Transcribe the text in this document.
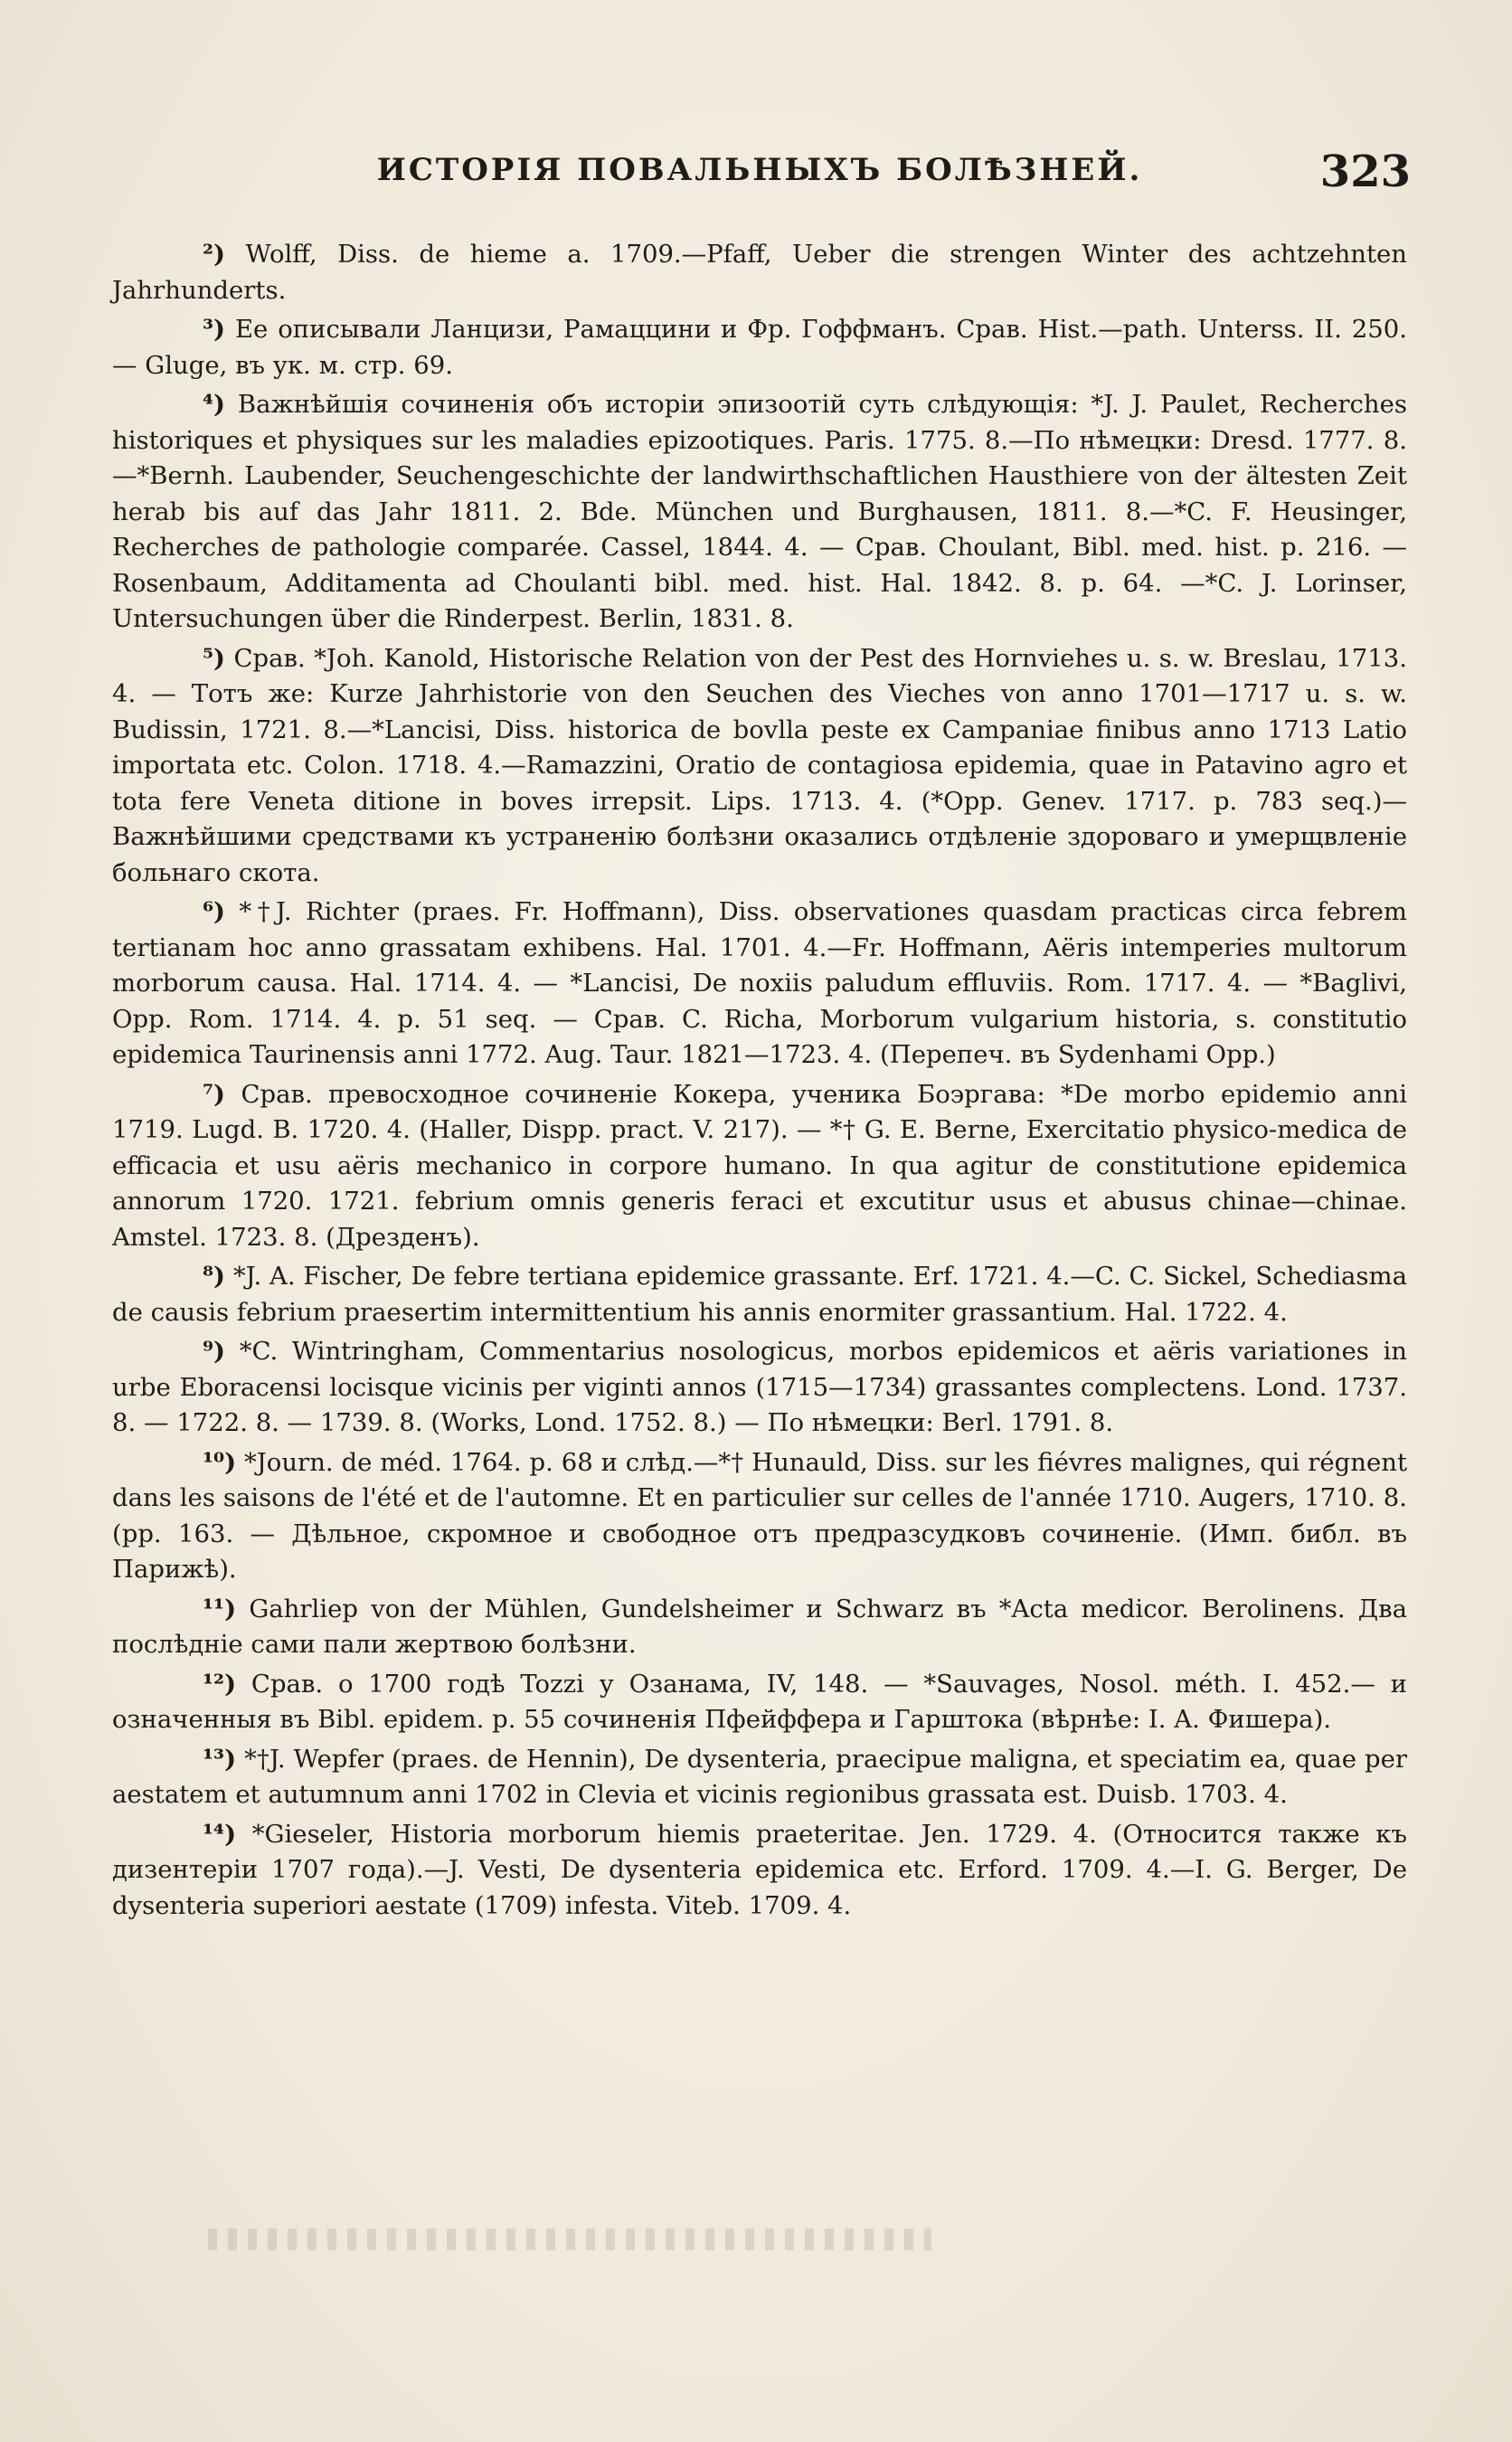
ИСТОРІЯ ПОВАЛЬНЫХЪ БОЛѢЗНЕЙ.	323

²) Wolff, Diss. de hieme a. 1709.—Pfaff, Ueber die strengen Winter des achtzehnten Jahrhunderts.

³) Ее описывали Ланцизи, Рамаццини и Фр. Гоффманъ. Срав. Hist.—path. Unterss. II. 250. — Gluge, въ ук. м. стр. 69.

⁴) Важнѣйшія сочиненія объ исторіи эпизоотій суть слѣдующія: *J. J. Paulet, Recherches historiques et physiques sur les maladies epizootiques. Paris. 1775. 8.—По нѣмецки: Dresd. 1777. 8.—*Bernh. Laubender, Seuchengeschichte der landwirthschaftlichen Hausthiere von der ältesten Zeit herab bis auf das Jahr 1811. 2. Bde. München und Burghausen, 1811. 8.—*C. F. Heusinger, Recherches de pathologie comparée. Cassel, 1844. 4. — Срав. Choulant, Bibl. med. hist. p. 216. — Rosenbaum, Additamenta ad Choulanti bibl. med. hist. Hal. 1842. 8. p. 64. —*C. J. Lorinser, Untersuchungen über die Rinderpest. Berlin, 1831. 8.

⁵) Срав. *Joh. Kanold, Historische Relation von der Pest des Hornviehes u. s. w. Breslau, 1713. 4. — Тотъ же: Kurze Jahrhistorie von den Seuchen des Vieches von anno 1701—1717 u. s. w. Budissin, 1721. 8.—*Lancisi, Diss. historica de bovlla peste ex Campaniae finibus anno 1713 Latio importata etc. Colon. 1718. 4.—Ramazzini, Oratio de contagiosa epidemia, quae in Patavino agro et tota fere Veneta ditione in boves irrepsit. Lips. 1713. 4. (*Opp. Genev. 1717. p. 783 seq.)—Важнѣйшими средствами къ устраненію болѣзни оказались отдѣленіе здороваго и умерщвленіе больнаго скота.

⁶) *†J. Richter (praes. Fr. Hoffmann), Diss. observationes quasdam practicas circa febrem tertianam hoc anno grassatam exhibens. Hal. 1701. 4.—Fr. Hoffmann, Aëris intemperies multorum morborum causa. Hal. 1714. 4. — *Lancisi, De noxiis paludum effluviis. Rom. 1717. 4. — *Baglivi, Opp. Rom. 1714. 4. p. 51 seq. — Срав. C. Richa, Morborum vulgarium historia, s. constitutio epidemica Taurinensis anni 1772. Aug. Taur. 1821—1723. 4. (Перепеч. въ Sydenhami Opp.)

⁷) Срав. превосходное сочиненіе Кокера, ученика Боэргава: *De morbo epidemio anni 1719. Lugd. B. 1720. 4. (Haller, Dispp. pract. V. 217). — *† G. E. Berne, Exercitatio physico-medica de efficacia et usu aëris mechanico in corpore humano. In qua agitur de constitutione epidemica annorum 1720. 1721. febrium omnis generis feraci et excutitur usus et abusus chinae—chinae. Amstel. 1723. 8. (Дрезденъ).

⁸) *J. A. Fischer, De febre tertiana epidemice grassante. Erf. 1721. 4.—C. C. Sickel, Schediasma de causis febrium praesertim intermittentium his annis enormiter grassantium. Hal. 1722. 4.

⁹) *C. Wintringham, Commentarius nosologicus, morbos epidemicos et aëris variationes in urbe Eboracensi locisque vicinis per viginti annos (1715—1734) grassantes complectens. Lond. 1737. 8. — 1722. 8. — 1739. 8. (Works, Lond. 1752. 8.) — По нѣмецки: Berl. 1791. 8.

¹⁰) *Journ. de méd. 1764. p. 68 и слѣд.—*† Hunauld, Diss. sur les fiévres malignes, qui régnent dans les saisons de l'été et de l'automne. Et en particulier sur celles de l'année 1710. Augers, 1710. 8. (pp. 163. — Дѣльное, скромное и свободное отъ предразсудковъ сочиненіе. (Имп. библ. въ Парижѣ).

¹¹) Gahrliep von der Mühlen, Gundelsheimer и Schwarz въ *Acta medicor. Berolinens. Два послѣдніе сами пали жертвою болѣзни.

¹²) Срав. о 1700 годѣ Tozzi у Озанама, IV, 148. — *Sauvages, Nosol. méth. I. 452.— и означенныя въ Bibl. epidem. p. 55 сочиненія Пфейффера и Гарштока (вѣрнѣе: I. A. Фишера).

¹³) *†J. Wepfer (praes. de Hennin), De dysenteria, praecipue maligna, et speciatim ea, quae per aestatem et autumnum anni 1702 in Clevia et vicinis regionibus grassata est. Duisb. 1703. 4.

¹⁴) *Gieseler, Historia morborum hiemis praeteritae. Jen. 1729. 4. (Относится также къ дизентеріи 1707 года).—J. Vesti, De dysenteria epidemica etc. Erford. 1709. 4.—I. G. Berger, De dysenteria superiori aestate (1709) infesta. Viteb. 1709. 4.
